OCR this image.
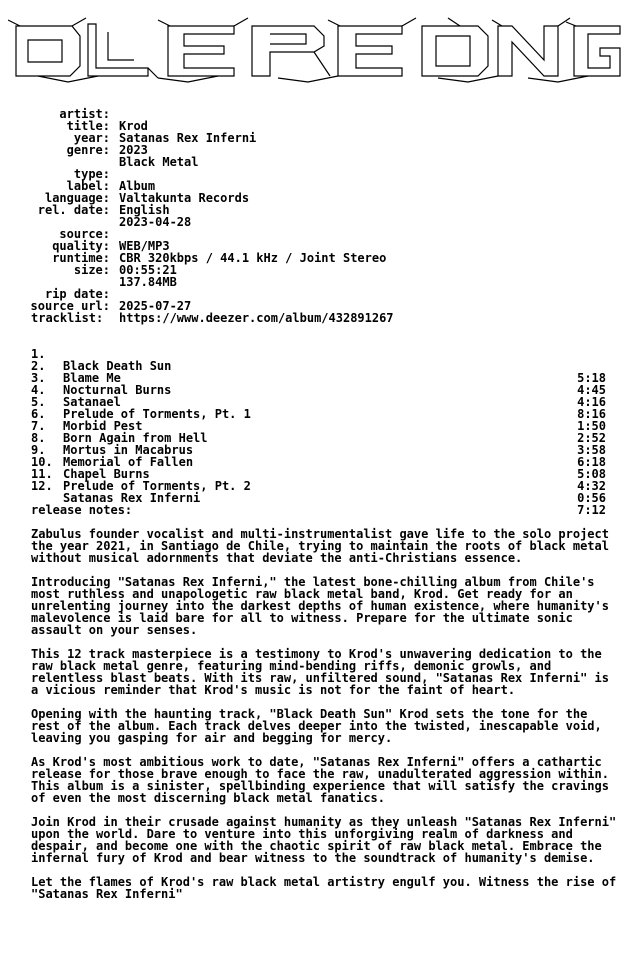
artist:

Krod

title:

Satanas Rex Inferni

year:

2023

genre:

Black Metal

type:

Album

label:

Valtakunta Records

language:

English

rel. date:

2023-04-28

source:

WEB/MP3

quality:

CBR 320kbps / 44.1 kHz / Joint Stereo

runtime:

00:55:21

size:

137.84MB

rip date:

2025-07-27

source url:

https://www.deezer.com/album/432891267

tracklist:

1.

Black Death Sun

5:18

2.

Blame Me

4:45

3.

Nocturnal Burns

4:16

4.

Satanael

8:16

5.

Prelude of Torments, Pt. 1

1:50

6.

Morbid Pest

2:52

7.

Born Again from Hell

3:58

8.

Mortus in Macabrus

6:18

9.

Memorial of Fallen

5:08

10.

Chapel Burns

4:32

11.

Prelude of Torments, Pt. 2

0:56

12.

Satanas Rex Inferni

7:12

release notes:

Zabulus founder vocalist and multi-instrumentalist gave life to the solo project the year 2021, in Santiago de Chile, trying to maintain the roots of black metal without musical adornments that deviate the anti-Christians essence.

Introducing "Satanas Rex Inferni," the latest bone-chilling album from Chile's most ruthless and unapologetic raw black metal band, Krod. Get ready for an unrelenting journey into the darkest depths of human existence, where humanity's malevolence is laid bare for all to witness. Prepare for the ultimate sonic assault on your senses.

This 12 track masterpiece is a testimony to Krod's unwavering dedication to the raw black metal genre, featuring mind-bending riffs, demonic growls, and relentless blast beats. With its raw, unfiltered sound, "Satanas Rex Inferni" is a vicious reminder that Krod's music is not for the faint of heart.

Opening with the haunting track, "Black Death Sun" Krod sets the tone for the rest of the album. Each track delves deeper into the twisted, inescapable void, leaving you gasping for air and begging for mercy.

As Krod's most ambitious work to date, "Satanas Rex Inferni" offers a cathartic release for those brave enough to face the raw, unadulterated aggression within. This album is a sinister, spellbinding experience that will satisfy the cravings of even the most discerning black metal fanatics.

Join Krod in their crusade against humanity as they unleash "Satanas Rex Inferni" upon the world. Dare to venture into this unforgiving realm of darkness and despair, and become one with the chaotic spirit of raw black metal. Embrace the infernal fury of Krod and bear witness to the soundtrack of humanity's demise.

Let the flames of Krod's raw black metal artistry engulf you. Witness the rise of "Satanas Rex Inferni"
